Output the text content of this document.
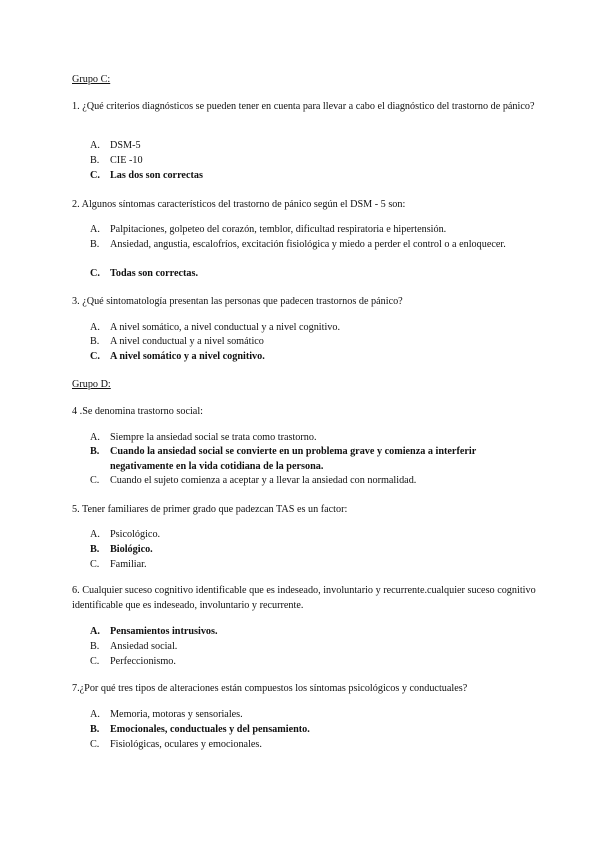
Grupo C:
1. ¿Qué criterios diagnósticos se pueden tener en cuenta para llevar a cabo el diagnóstico del trastorno de pánico?
A. DSM-5
B.	CIE -10
C. Las dos son correctas
2. Algunos síntomas característicos del trastorno de pánico según el DSM - 5 son:
A. Palpitaciones, golpeteo del corazón, temblor, dificultad respiratoria e hipertensión.
B.	Ansiedad, angustia, escalofríos, excitación fisiológica y miedo a perder el control o a enloquecer.
C. Todas son correctas.
3. ¿Qué sintomatología presentan las personas que padecen trastornos de pánico?
A. A nivel somático, a nivel conductual y a nivel cognitivo.
B.	A nivel conductual y a nivel somático
C. A nivel somático y a nivel cognitivo.
Grupo D:
4 .Se denomina trastorno social:
A. Siempre la ansiedad social se trata como trastorno.
B.	Cuando la ansiedad social se convierte en un problema grave y comienza a interferir negativamente en la vida cotidiana de la persona.
C.	Cuando el sujeto comienza a aceptar y a llevar la ansiedad con normalidad.
5. Tener familiares de primer grado que padezcan TAS es un factor:
A. Psicológico.
B.	Biológico.
C.	Familiar.
6. Cualquier suceso cognitivo identificable que es indeseado, involuntario y recurrente.cualquier suceso cognitivo identificable que es indeseado, involuntario y recurrente.
A. Pensamientos intrusivos.
B.	Ansiedad social.
C.	Perfeccionismo.
7.¿Por qué tres tipos de alteraciones están compuestos los síntomas psicológicos y conductuales?
A. Memoria, motoras y sensoriales.
B.	Emocionales, conductuales y del pensamiento.
C.	Fisiológicas, oculares y emocionales.
